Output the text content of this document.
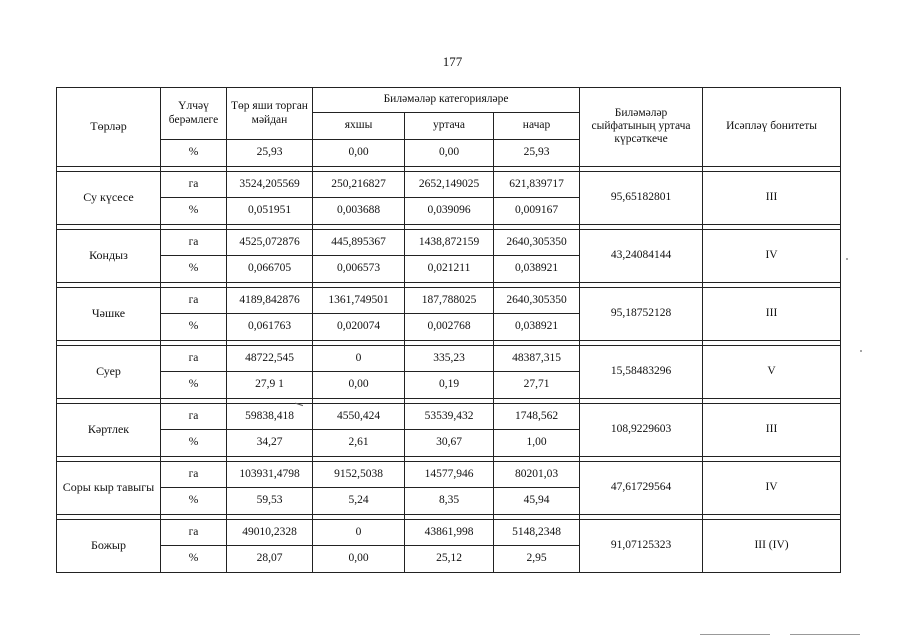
177
Төрләр	Үлчәү берәмлеге	Төр яши торган мәйдан	Биләмәләр категорияләре			Биләмәләр сыйфатының уртача күрсәткече	Исәпләү бонитеты
			яхшы	уртача	начар		
	%	25,93	0,00	0,00	25,93		

Су күсесе	га	3524,205569	250,216827	2652,149025	621,839717	95,65182801	III
	%	0,051951	0,003688	0,039096	0,009167		

Кондыз	га	4525,072876	445,895367	1438,872159	2640,305350	43,24084144	IV
	%	0,066705	0,006573	0,021211	0,038921		

Чәшке	га	4189,842876	1361,749501	187,788025	2640,305350	95,18752128	III
	%	0,061763	0,020074	0,002768	0,038921		

Суер	га	48722,545	0	335,23	48387,315	15,58483296	V
	%	27,9 1	0,00	0,19	27,71		

Кәртлек	га	59838,418	4550,424	53539,432	1748,562	108,9229603	III
	%	34,27	2,61	30,67	1,00		

Соры кыр тавыгы	га	103931,4798	9152,5038	14577,946	80201,03	47,61729564	IV
	%	59,53	5,24	8,35	45,94		

Божыр	га	49010,2328	0	43861,998	5148,2348	91,07125323	III (IV)
	%	28,07	0,00	25,12	2,95		
